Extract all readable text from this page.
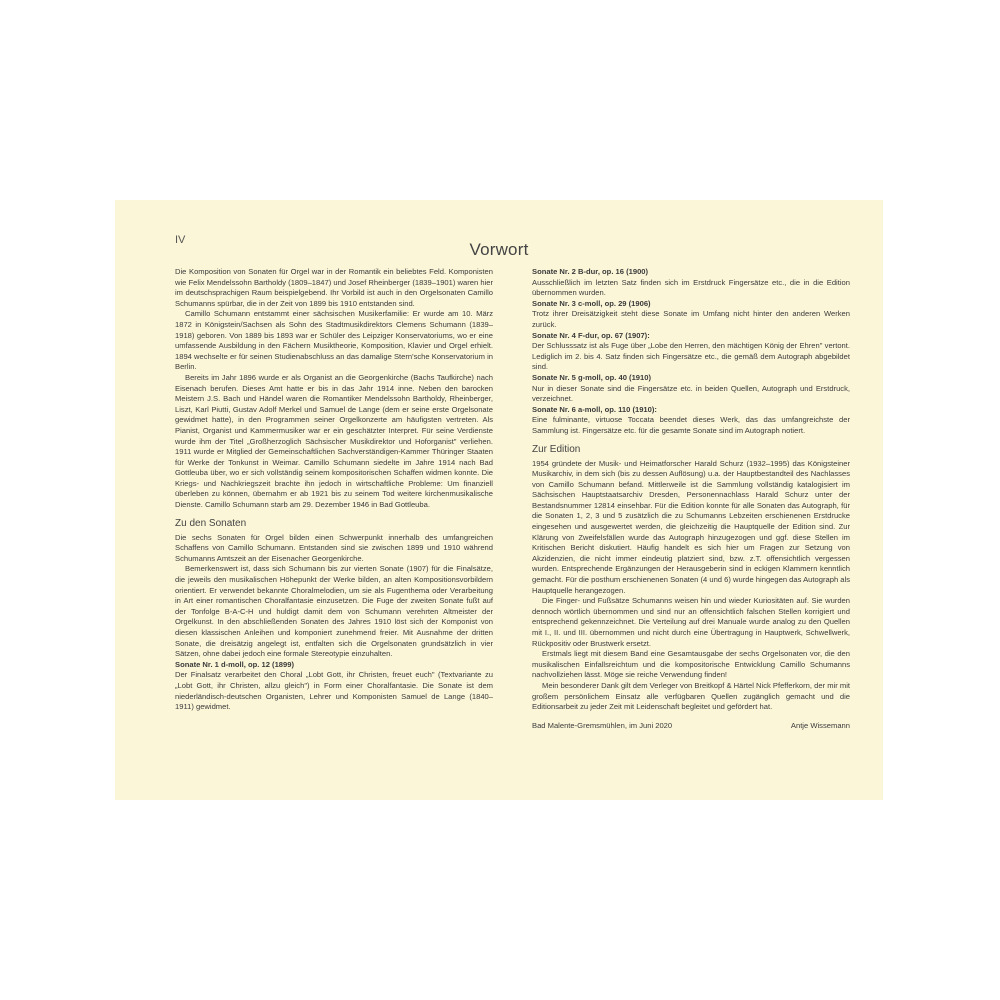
IV	Vorwort

Die Komposition von Sonaten für Orgel war in der Romantik ein beliebtes Feld. Komponisten wie Felix Mendelssohn Bartholdy (1809–1847) und Josef Rheinberger (1839–1901) waren hier im deutschsprachigen Raum beispielgebend. Ihr Vorbild ist auch in den Orgelsonaten Camillo Schumanns spürbar, die in der Zeit von 1899 bis 1910 entstanden sind.

Camillo Schumann entstammt einer sächsischen Musikerfamilie: Er wurde am 10. März 1872 in Königstein/Sachsen als Sohn des Stadtmusikdirektors Clemens Schumann (1839–1918) geboren. Von 1889 bis 1893 war er Schüler des Leipziger Konservatoriums, wo er eine umfassende Ausbildung in den Fächern Musiktheorie, Komposition, Klavier und Orgel erhielt. 1894 wechselte er für seinen Studienabschluss an das damalige Stern'sche Konservatorium in Berlin.

Bereits im Jahr 1896 wurde er als Organist an die Georgenkirche (Bachs Taufkirche) nach Eisenach berufen. Dieses Amt hatte er bis in das Jahr 1914 inne. Neben den barocken Meistern J.S. Bach und Händel waren die Romantiker Mendelssohn Bartholdy, Rheinberger, Liszt, Karl Piutti, Gustav Adolf Merkel und Samuel de Lange (dem er seine erste Orgelsonate gewidmet hatte), in den Programmen seiner Orgelkonzerte am häufigsten vertreten. Als Pianist, Organist und Kammermusiker war er ein geschätzter Interpret. Für seine Verdienste wurde ihm der Titel „Großherzoglich Sächsischer Musikdirektor und Hoforganist" verliehen. 1911 wurde er Mitglied der Gemeinschaftlichen Sachverständigen-Kammer Thüringer Staaten für Werke der Tonkunst in Weimar. Camillo Schumann siedelte im Jahre 1914 nach Bad Gottleuba über, wo er sich vollständig seinem kompositorischen Schaffen widmen konnte. Die Kriegs- und Nachkriegszeit brachte ihn jedoch in wirtschaftliche Probleme: Um finanziell überleben zu können, übernahm er ab 1921 bis zu seinem Tod weitere kirchenmusikalische Dienste. Camillo Schumann starb am 29. Dezember 1946 in Bad Gottleuba.

Zu den Sonaten

Die sechs Sonaten für Orgel bilden einen Schwerpunkt innerhalb des umfangreichen Schaffens von Camillo Schumann. Entstanden sind sie zwischen 1899 und 1910 während Schumanns Amtszeit an der Eisenacher Georgenkirche.

Bemerkenswert ist, dass sich Schumann bis zur vierten Sonate (1907) für die Finalsätze, die jeweils den musikalischen Höhepunkt der Werke bilden, an alten Kompositionsvorbildern orientiert. Er verwendet bekannte Choralmelodien, um sie als Fugenthema oder Verarbeitung in Art einer romantischen Choralfantasie einzusetzen. Die Fuge der zweiten Sonate fußt auf der Tonfolge B-A-C-H und huldigt damit dem von Schumann verehrten Altmeister der Orgelkunst. In den abschließenden Sonaten des Jahres 1910 löst sich der Komponist von diesen klassischen Anleihen und komponiert zunehmend freier. Mit Ausnahme der dritten Sonate, die dreisätzig angelegt ist, entfalten sich die Orgelsonaten grundsätzlich in vier Sätzen, ohne dabei jedoch eine formale Stereotypie einzuhalten.

Sonate Nr. 1 d-moll, op. 12 (1899)

Der Finalsatz verarbeitet den Choral „Lobt Gott, ihr Christen, freuet euch" (Textvariante zu „Lobt Gott, ihr Christen, allzu gleich") in Form einer Choralfantasie. Die Sonate ist dem niederländisch-deutschen Organisten, Lehrer und Komponisten Samuel de Lange (1840–1911) gewidmet.

Sonate Nr. 2 B-dur, op. 16 (1900)

Ausschließlich im letzten Satz finden sich im Erstdruck Fingersätze etc., die in die Edition übernommen wurden.

Sonate Nr. 3 c-moll, op. 29 (1906)

Trotz ihrer Dreisätzigkeit steht diese Sonate im Umfang nicht hinter den anderen Werken zurück.

Sonate Nr. 4 F-dur, op. 67 (1907):

Der Schlusssatz ist als Fuge über „Lobe den Herren, den mächtigen König der Ehren" vertont. Lediglich im 2. bis 4. Satz finden sich Fingersätze etc., die gemäß dem Autograph abgebildet sind.

Sonate Nr. 5 g-moll, op. 40 (1910)

Nur in dieser Sonate sind die Fingersätze etc. in beiden Quellen, Autograph und Erstdruck, verzeichnet.

Sonate Nr. 6 a-moll, op. 110 (1910):

Eine fulminante, virtuose Toccata beendet dieses Werk, das das umfangreichste der Sammlung ist. Fingersätze etc. für die gesamte Sonate sind im Autograph notiert.

Zur Edition

1954 gründete der Musik- und Heimatforscher Harald Schurz (1932–1995) das Königsteiner Musikarchiv, in dem sich (bis zu dessen Auflösung) u.a. der Hauptbestandteil des Nachlasses von Camillo Schumann befand. Mittlerweile ist die Sammlung vollständig katalogisiert im Sächsischen Hauptstaatsarchiv Dresden, Personennachlass Harald Schurz unter der Bestandsnummer 12814 einsehbar. Für die Edition konnte für alle Sonaten das Autograph, für die Sonaten 1, 2, 3 und 5 zusätzlich die zu Schumanns Lebzeiten erschienenen Erstdrucke eingesehen und ausgewertet werden, die gleichzeitig die Hauptquelle der Edition sind. Zur Klärung von Zweifelsfällen wurde das Autograph hinzugezogen und ggf. diese Stellen im Kritischen Bericht diskutiert. Häufig handelt es sich hier um Fragen zur Setzung von Akzidenzien, die nicht immer eindeutig platziert sind, bzw. z.T. offensichtlich vergessen wurden. Entsprechende Ergänzungen der Herausgeberin sind in eckigen Klammern kenntlich gemacht. Für die posthum erschienenen Sonaten (4 und 6) wurde hingegen das Autograph als Hauptquelle herangezogen.

Die Finger- und Fußsätze Schumanns weisen hin und wieder Kuriositäten auf. Sie wurden dennoch wörtlich übernommen und sind nur an offensichtlich falschen Stellen korrigiert und entsprechend gekennzeichnet. Die Verteilung auf drei Manuale wurde analog zu den Quellen mit I., II. und III. übernommen und nicht durch eine Übertragung in Hauptwerk, Schwellwerk, Rückpositiv oder Brustwerk ersetzt.

Erstmals liegt mit diesem Band eine Gesamtausgabe der sechs Orgelsonaten vor, die den musikalischen Einfallsreichtum und die kompositorische Entwicklung Camillo Schumanns nachvollziehen lässt. Möge sie reiche Verwendung finden!

Mein besonderer Dank gilt dem Verleger von Breitkopf & Härtel Nick Pfefferkorn, der mir mit großem persönlichem Einsatz alle verfügbaren Quellen zugänglich gemacht und die Editionsarbeit zu jeder Zeit mit Leidenschaft begleitet und gefördert hat.

Bad Malente-Gremsmühlen, im Juni 2020	Antje Wissemann
